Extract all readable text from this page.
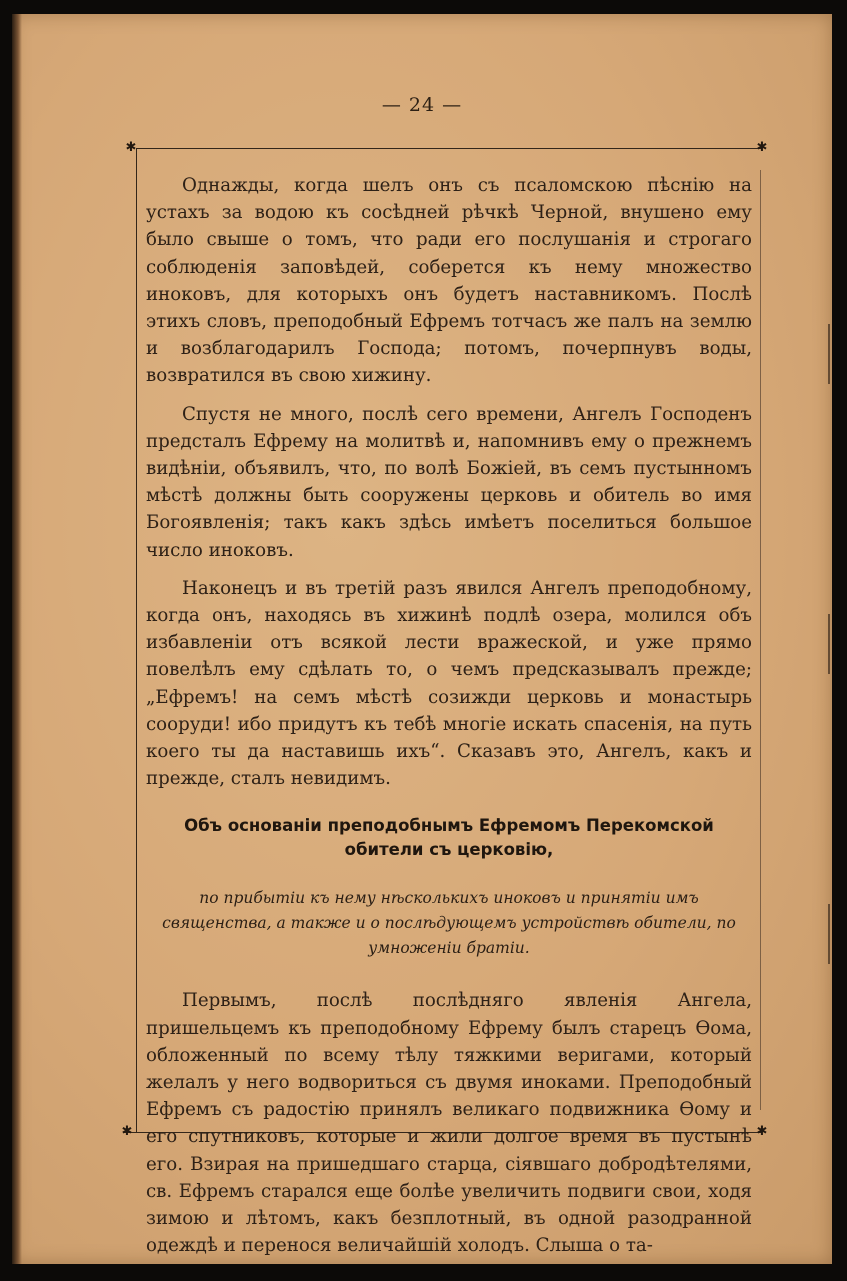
— 24 —
✱	✱
✱	✱

Однажды, когда шелъ онъ съ псаломскою пѣснію на устахъ за водою къ сосѣдней рѣчкѣ Черной, внушено ему было свыше о томъ, что ради его послушанія и строгаго соблюденія заповѣдей, соберется къ нему множество иноковъ, для которыхъ онъ будетъ наставникомъ. Послѣ этихъ словъ, преподобный Ефремъ тотчасъ же палъ на землю и возблагодарилъ Господа; потомъ, почерпнувъ воды, возвратился въ свою хижину.

Спустя не много, послѣ сего времени, Ангелъ Господенъ предсталъ Ефрему на молитвѣ и, напомнивъ ему о прежнемъ видѣніи, объявилъ, что, по волѣ Божіей, въ семъ пустынномъ мѣстѣ должны быть сооружены церковь и обитель во имя Богоявленія; такъ какъ здѣсь имѣетъ поселиться большое число иноковъ.

Наконецъ и въ третій разъ явился Ангелъ преподобному, когда онъ, находясь въ хижинѣ подлѣ озера, молился объ избавленіи отъ всякой лести вражеской, и уже прямо повелѣлъ ему сдѣлать то, о чемъ предсказывалъ прежде; „Ефремъ! на семъ мѣстѣ созижди церковь и монастырь сооруди! ибо придутъ къ тебѣ многіе искать спасенія, на путь коего ты да наставишь ихъ“. Сказавъ это, Ангелъ, какъ и прежде, сталъ невидимъ.

Объ основаніи преподобнымъ Ефремомъ Перекомской обители съ церковію,
по прибытіи къ нему нѣсколькихъ иноковъ и принятіи имъ священства, а также и о послѣдующемъ устройствѣ обители, по умноженіи братіи.

Первымъ, послѣ послѣдняго явленія Ангела, пришельцемъ къ преподобному Ефрему былъ старецъ Ѳома, обложенный по всему тѣлу тяжкими веригами, который желалъ у него водвориться съ двумя иноками. Преподобный Ефремъ съ радостію принялъ великаго подвижника Ѳому и его спутниковъ, которые и жили долгое время въ пустынѣ его. Взирая на пришедшаго старца, сіявшаго добродѣтелями, св. Ефремъ старался еще болѣе увеличить подвиги свои, ходя зимою и лѣтомъ, какъ безплотный, въ одной разодранной одеждѣ и перенося величайшій холодъ. Слыша о та-
